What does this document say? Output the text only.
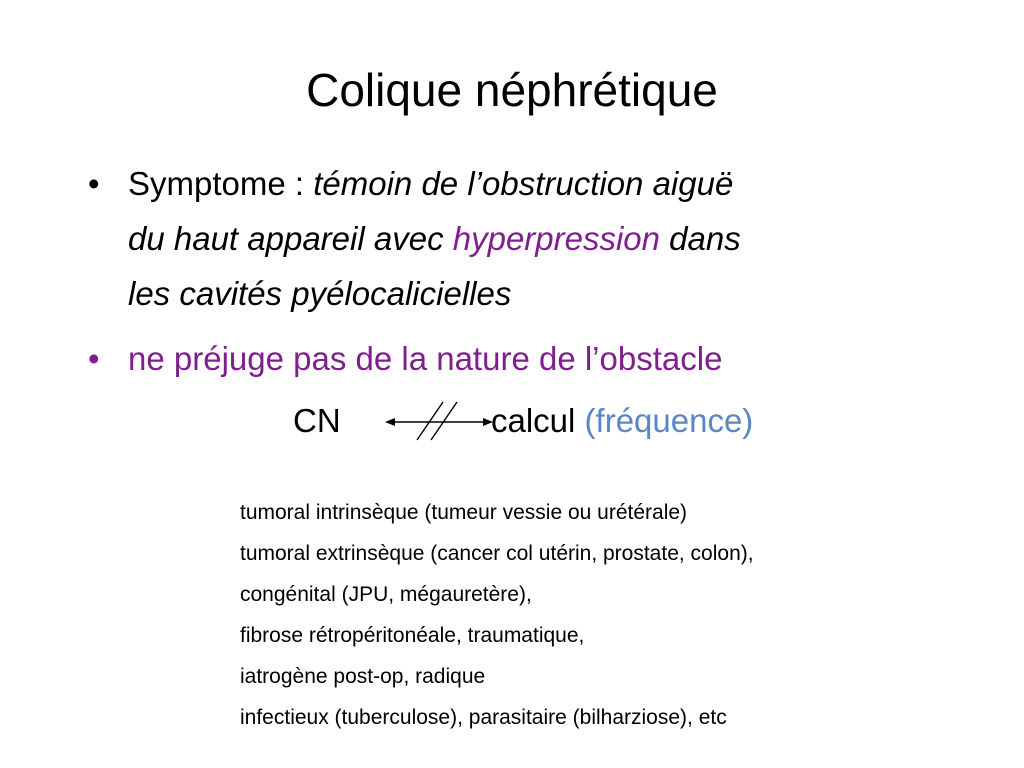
Colique néphrétique
• Symptome : témoin de l’obstruction aiguë
du haut appareil avec hyperpression dans
les cavités pyélocalicielles
• ne préjuge pas de la nature de l’obstacle
CN	calcul (fréquence)
tumoral intrinsèque (tumeur vessie ou urétérale)
tumoral extrinsèque (cancer col utérin, prostate, colon),
congénital (JPU, mégauretère),
fibrose rétropéritonéale, traumatique,
iatrogène post-op, radique
infectieux (tuberculose), parasitaire (bilharziose), etc
